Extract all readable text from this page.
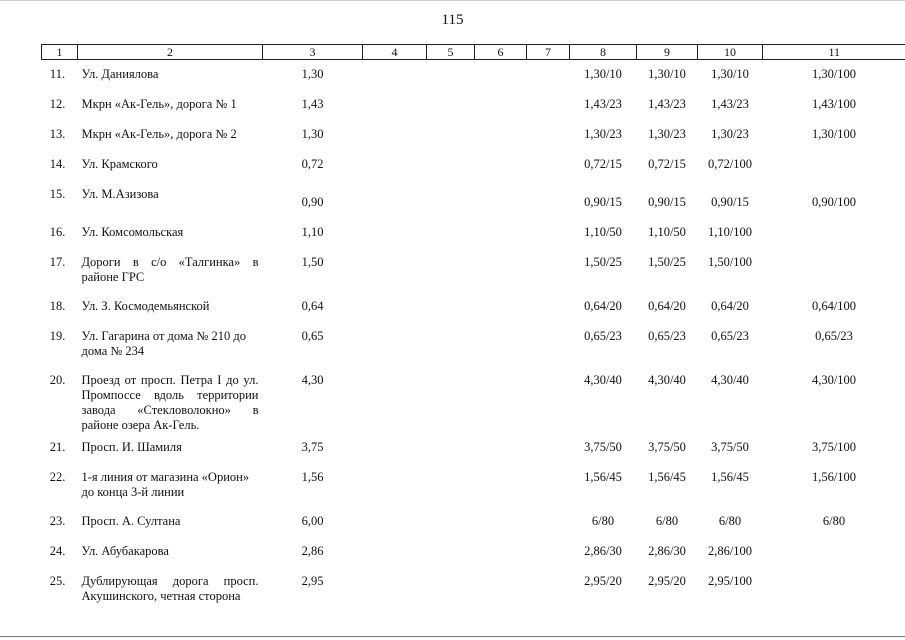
115
1	2	3	4	5	6	7	8	9	10	11
11.	Ул. Даниялова	1,30					1,30/10	1,30/10	1,30/10	1,30/100
12.	Мкрн «Ак-Гель», дорога № 1	1,43					1,43/23	1,43/23	1,43/23	1,43/100
13.	Мкрн «Ак-Гель», дорога № 2	1,30					1,30/23	1,30/23	1,30/23	1,30/100
14.	Ул. Крамского	0,72					0,72/15	0,72/15	0,72/100	
15.	Ул. М.Азизова	0,90					0,90/15	0,90/15	0,90/15	0,90/100
16.	Ул. Комсомольская	1,10					1,10/50	1,10/50	1,10/100	
17.	Дороги в с/о «Талгинка» в районе ГРС	1,50					1,50/25	1,50/25	1,50/100	
18.	Ул. З. Космодемьянской	0,64					0,64/20	0,64/20	0,64/20	0,64/100
19.	Ул. Гагарина от дома № 210 до дома № 234	0,65					0,65/23	0,65/23	0,65/23	0,65/23
20.	Проезд от просп. Петра I до ул. Промпоссе вдоль территории завода «Стекловолокно» в районе озера Ак-Гель.	4,30					4,30/40	4,30/40	4,30/40	4,30/100
21.	Просп. И. Шамиля	3,75					3,75/50	3,75/50	3,75/50	3,75/100
22.	1-я линия от магазина «Орион» до конца 3-й линии	1,56					1,56/45	1,56/45	1,56/45	1,56/100
23.	Просп. А. Султана	6,00					6/80	6/80	6/80	6/80
24.	Ул. Абубакарова	2,86					2,86/30	2,86/30	2,86/100	
25.	Дублирующая дорога просп. Акушинского, четная сторона	2,95					2,95/20	2,95/20	2,95/100	
